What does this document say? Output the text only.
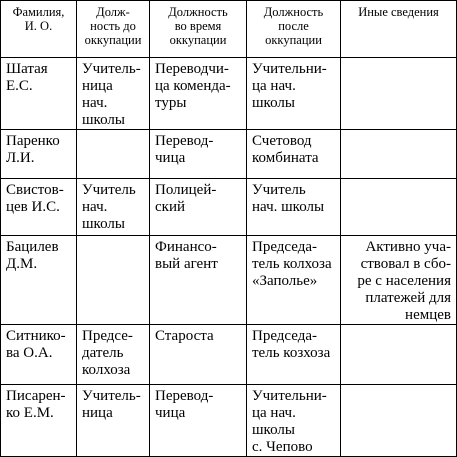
Фамилия,
И. О.	Долж-
ность до
оккупации	Должность
во время
оккупации	Должность
после
оккупации	Иные сведения

Шатая
Е.С.	Учитель-
ница
нач.
школы	Переводчи-
ца коменда-
туры	Учительни-
ца нач.
школы	

Паренко
Л.И.		Перевод-
чица	Счетовод
комбината	

Свистов-
цев И.С.	Учитель
нач.
школы	Полицей-
ский	Учитель
нач. школы	

Бацилев
Д.М.		Финансо-
вый агент	Председа-
тель колхоза
«Заполье»	Активно уча-
ствовал в сбо-
ре с населения
платежей для
немцев

Ситнико-
ва О.А.	Предсе-
датель
колхоза	Староста	Председа-
тель козхоза	

Писарен-
ко Е.М.	Учитель-
ница	Перевод-
чица	Учительни-
ца нач.
школы
с. Чепово	
